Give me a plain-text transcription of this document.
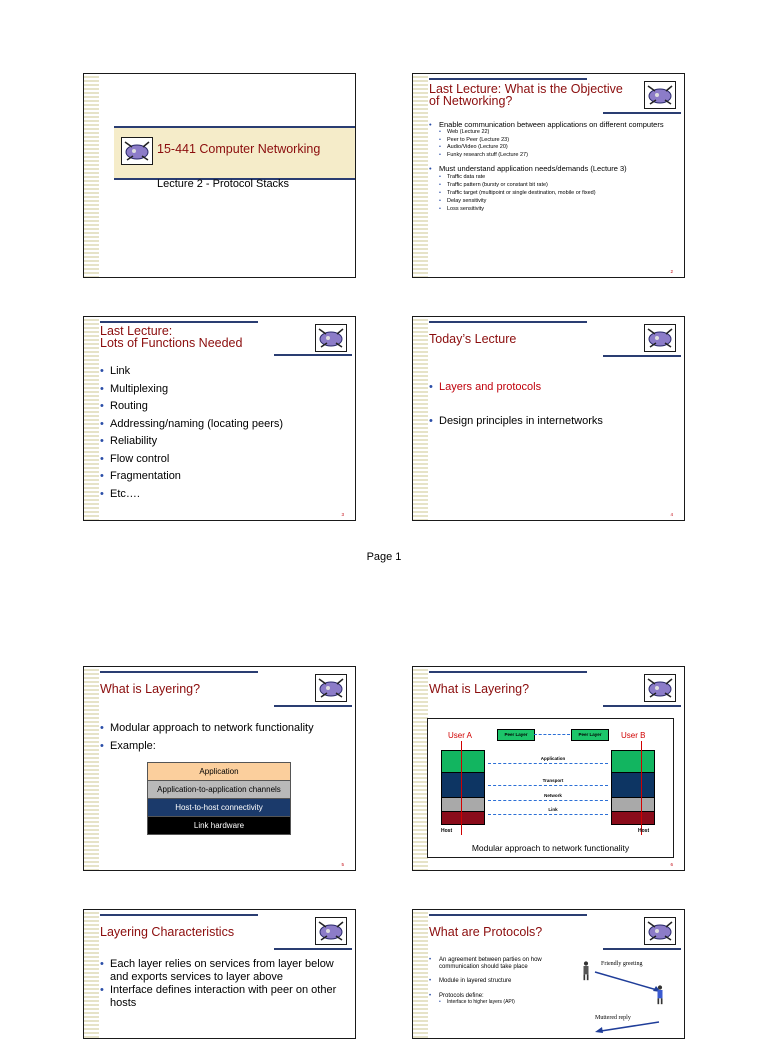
15-441 Computer Networking
Lecture 2 - Protocol Stacks
Last Lecture: What is the Objective of Networking?
• Enable communication between applications on different computers
• Web (Lecture 22)
• Peer to Peer (Lecture 23)
• Audio/Video (Lecture 20)
• Funky research stuff (Lecture 27)
• Must understand application needs/demands (Lecture 3)
• Traffic data rate
• Traffic pattern (bursty or constant bit rate)
• Traffic target (multipoint or single destination, mobile or fixed)
• Delay sensitivity
• Loss sensitivity
2
Last Lecture:
Lots of Functions Needed
• Link
• Multiplexing
• Routing
• Addressing/naming (locating peers)
• Reliability
• Flow control
• Fragmentation
• Etc….
3
Today’s Lecture
• Layers and protocols
• Design principles in internetworks
4
Page 1
What is Layering?
• Modular approach to network functionality
• Example:
Application
Application-to-application channels
Host-to-host connectivity
Link hardware
5
What is Layering?
User A	User B
Peer Layer	Peer Layer
Application
Transport
Network
Link
Host	Host
Modular approach to network functionality
6
Layering Characteristics
• Each layer relies on services from layer below and exports services to layer above
• Interface defines interaction with peer on other hosts
What are Protocols?
• An agreement between parties on how communication should take place
• Module in layered structure
• Protocols define:
• Interface to higher layers (API)
Friendly greeting
Muttered reply
